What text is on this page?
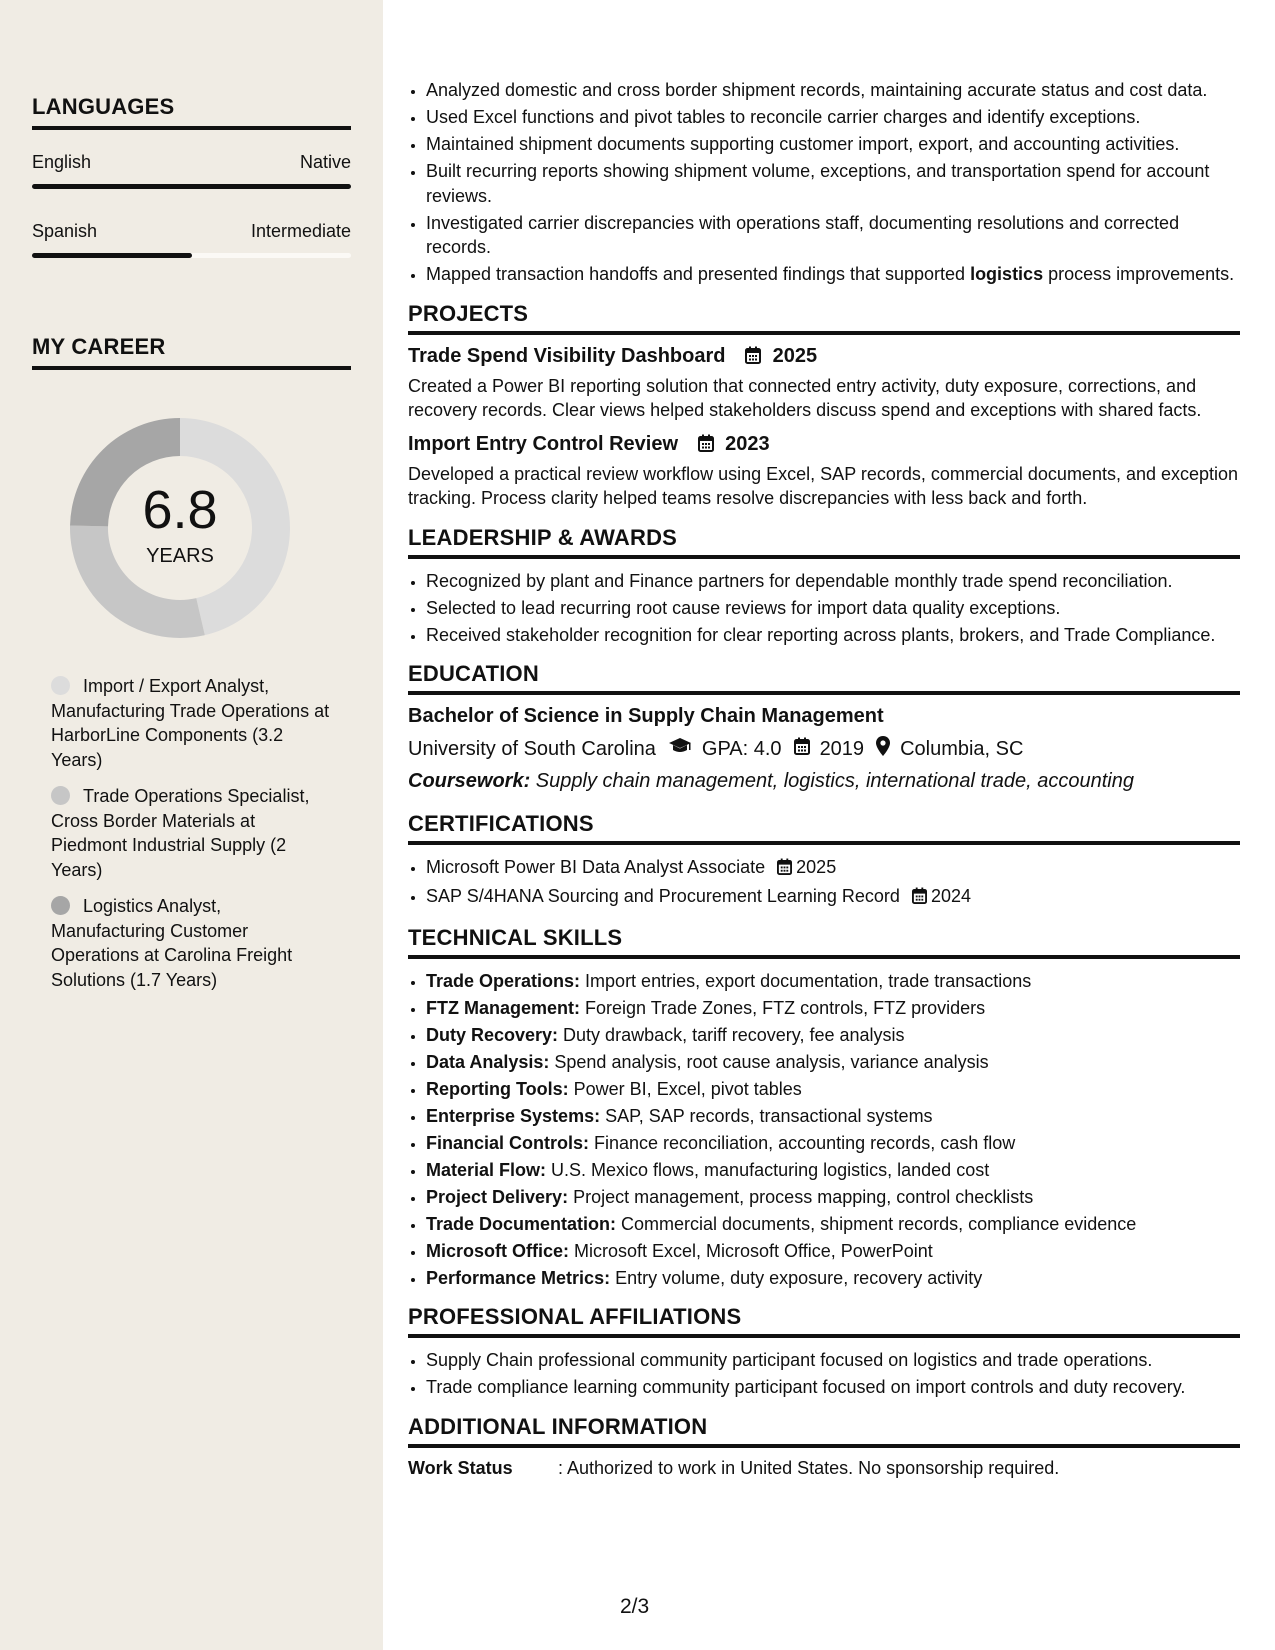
LANGUAGES
English	Native
Spanish	Intermediate
MY CAREER
6.8
YEARS
Import / Export Analyst, Manufacturing Trade Operations at HarborLine Components (3.2 Years)
Trade Operations Specialist, Cross Border Materials at Piedmont Industrial Supply (2 Years)
Logistics Analyst, Manufacturing Customer Operations at Carolina Freight Solutions (1.7 Years)
• Analyzed domestic and cross border shipment records, maintaining accurate status and cost data.
• Used Excel functions and pivot tables to reconcile carrier charges and identify exceptions.
• Maintained shipment documents supporting customer import, export, and accounting activities.
• Built recurring reports showing shipment volume, exceptions, and transportation spend for account reviews.
• Investigated carrier discrepancies with operations staff, documenting resolutions and corrected records.
• Mapped transaction handoffs and presented findings that supported logistics process improvements.
PROJECTS
Trade Spend Visibility Dashboard 2025
Created a Power BI reporting solution that connected entry activity, duty exposure, corrections, and recovery records. Clear views helped stakeholders discuss spend and exceptions with shared facts.
Import Entry Control Review 2023
Developed a practical review workflow using Excel, SAP records, commercial documents, and exception tracking. Process clarity helped teams resolve discrepancies with less back and forth.
LEADERSHIP & AWARDS
• Recognized by plant and Finance partners for dependable monthly trade spend reconciliation.
• Selected to lead recurring root cause reviews for import data quality exceptions.
• Received stakeholder recognition for clear reporting across plants, brokers, and Trade Compliance.
EDUCATION
Bachelor of Science in Supply Chain Management
University of South Carolina GPA: 4.0 2019 Columbia, SC
Coursework: Supply chain management, logistics, international trade, accounting
CERTIFICATIONS
• Microsoft Power BI Data Analyst Associate 2025
• SAP S/4HANA Sourcing and Procurement Learning Record 2024
TECHNICAL SKILLS
• Trade Operations: Import entries, export documentation, trade transactions
• FTZ Management: Foreign Trade Zones, FTZ controls, FTZ providers
• Duty Recovery: Duty drawback, tariff recovery, fee analysis
• Data Analysis: Spend analysis, root cause analysis, variance analysis
• Reporting Tools: Power BI, Excel, pivot tables
• Enterprise Systems: SAP, SAP records, transactional systems
• Financial Controls: Finance reconciliation, accounting records, cash flow
• Material Flow: U.S. Mexico flows, manufacturing logistics, landed cost
• Project Delivery: Project management, process mapping, control checklists
• Trade Documentation: Commercial documents, shipment records, compliance evidence
• Microsoft Office: Microsoft Excel, Microsoft Office, PowerPoint
• Performance Metrics: Entry volume, duty exposure, recovery activity
PROFESSIONAL AFFILIATIONS
• Supply Chain professional community participant focused on logistics and trade operations.
• Trade compliance learning community participant focused on import controls and duty recovery.
ADDITIONAL INFORMATION
Work Status	: Authorized to work in United States. No sponsorship required.
2/3
